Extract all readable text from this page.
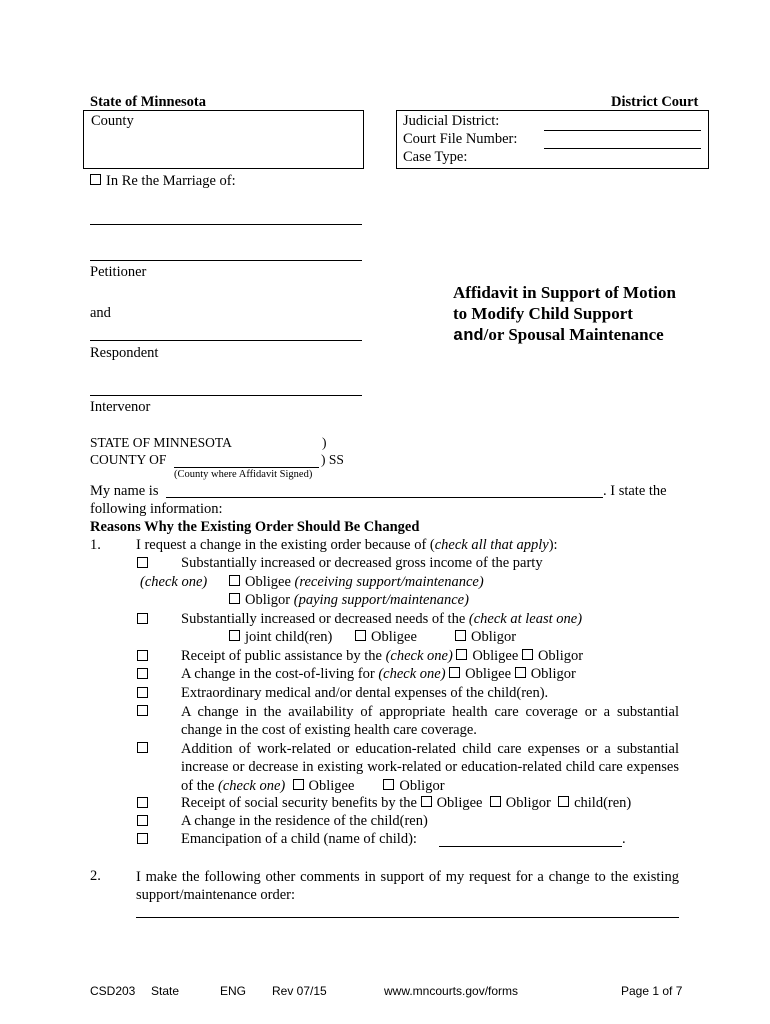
State of Minnesota	District Court
County	Judicial District:
Court File Number:
Case Type:
In Re the Marriage of:
Petitioner
and
Respondent
Intervenor
Affidavit in Support of Motion
to Modify Child Support
and/or Spousal Maintenance
STATE OF MINNESOTA	)
COUNTY OF	) SS
(County where Affidavit Signed)
My name is	. I state the
following information:
Reasons Why the Existing Order Should Be Changed
1. I request a change in the existing order because of (check all that apply):
Substantially increased or decreased gross income of the party
(check one)	Obligee (receiving support/maintenance)
Obligor (paying support/maintenance)
Substantially increased or decreased needs of the (check at least one)
joint child(ren)	Obligee	Obligor
Receipt of public assistance by the (check one) Obligee Obligor
A change in the cost-of-living for (check one) Obligee Obligor
Extraordinary medical and/or dental expenses of the child(ren).
A change in the availability of appropriate health care coverage or a substantial change in the cost of existing health care coverage.
Addition of work-related or education-related child care expenses or a substantial increase or decrease in existing work-related or education-related child care expenses of the (check one) Obligee	Obligor
Receipt of social security benefits by the Obligee Obligor child(ren)
A change in the residence of the child(ren)
Emancipation of a child (name of child):	.
2. I make the following other comments in support of my request for a change to the existing support/maintenance order:
CSD203 State	ENG Rev 07/15	www.mncourts.gov/forms	Page 1 of 7
